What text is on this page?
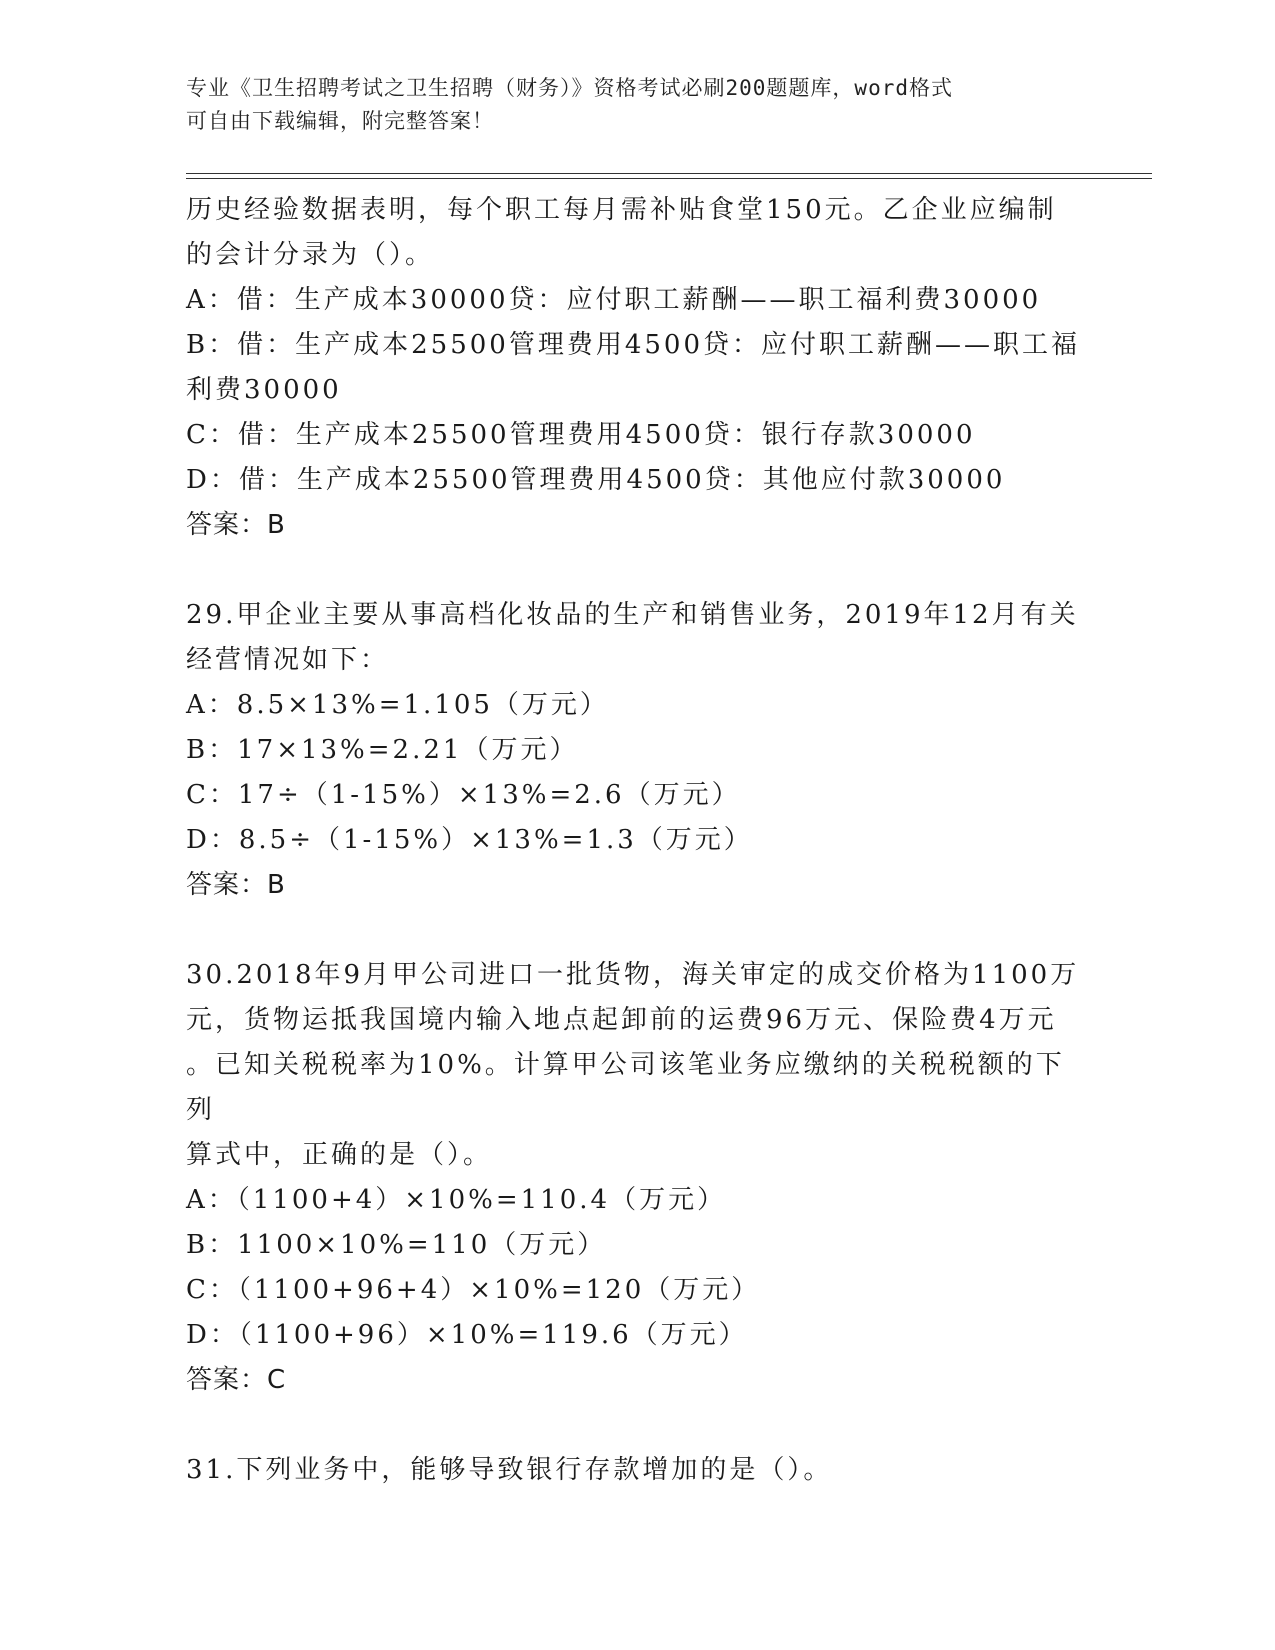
专业《卫生招聘考试之卫生招聘（财务）》资格考试必刷200题题库，word格式
可自由下载编辑，附完整答案！

历史经验数据表明，每个职工每月需补贴食堂150元。乙企业应编制

的会计分录为（）。

A：借：生产成本30000贷：应付职工薪酬——职工福利费30000

B：借：生产成本25500管理费用4500贷：应付职工薪酬——职工福

利费30000

C：借：生产成本25500管理费用4500贷：银行存款30000

D：借：生产成本25500管理费用4500贷：其他应付款30000

答案：B

29.甲企业主要从事高档化妆品的生产和销售业务，2019年12月有关

经营情况如下：

A：8.5×13%=1.105（万元）

B：17×13%=2.21（万元）

C：17÷（1-15%）×13%=2.6（万元）

D：8.5÷（1-15%）×13%=1.3（万元）

答案：B

30.2018年9月甲公司进口一批货物，海关审定的成交价格为1100万

元，货物运抵我国境内输入地点起卸前的运费96万元、保险费4万元

。已知关税税率为10%。计算甲公司该笔业务应缴纳的关税税额的下列

算式中，正确的是（）。

A：（1100+4）×10%=110.4（万元）

B：1100×10%=110（万元）

C：（1100+96+4）×10%=120（万元）

D：（1100+96）×10%=119.6（万元）

答案：C

31.下列业务中，能够导致银行存款增加的是（）。
